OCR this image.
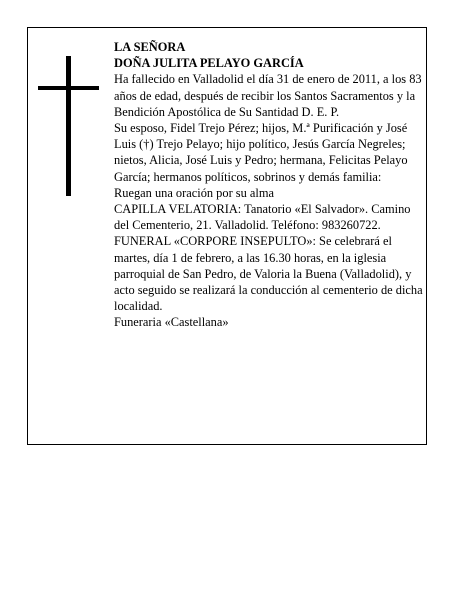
LA SEÑORA

DOÑA JULITA PELAYO GARCÍA

Ha fallecido en Valladolid el día 31 de enero de 2011, a los 83 años de edad, después de recibir los Santos Sacramentos y la Bendición Apostólica de Su Santidad D. E. P.

Su esposo, Fidel Trejo Pérez; hijos, M.ª Purificación y José Luis (†) Trejo Pelayo; hijo político, Jesús García Negreles; nietos, Alicia, José Luis y Pedro; hermana, Felicitas Pelayo García; hermanos políticos, sobrinos y demás familia:

Ruegan una oración por su alma

CAPILLA VELATORIA: Tanatorio «El Salvador». Camino del Cementerio, 21. Valladolid. Teléfono: 983260722.

FUNERAL «CORPORE INSEPULTO»: Se celebrará el martes, día 1 de febrero, a las 16.30 horas, en la iglesia parroquial de San Pedro, de Valoria la Buena (Valladolid), y acto seguido se realizará la conducción al cementerio de dicha localidad.

Funeraria «Castellana»
